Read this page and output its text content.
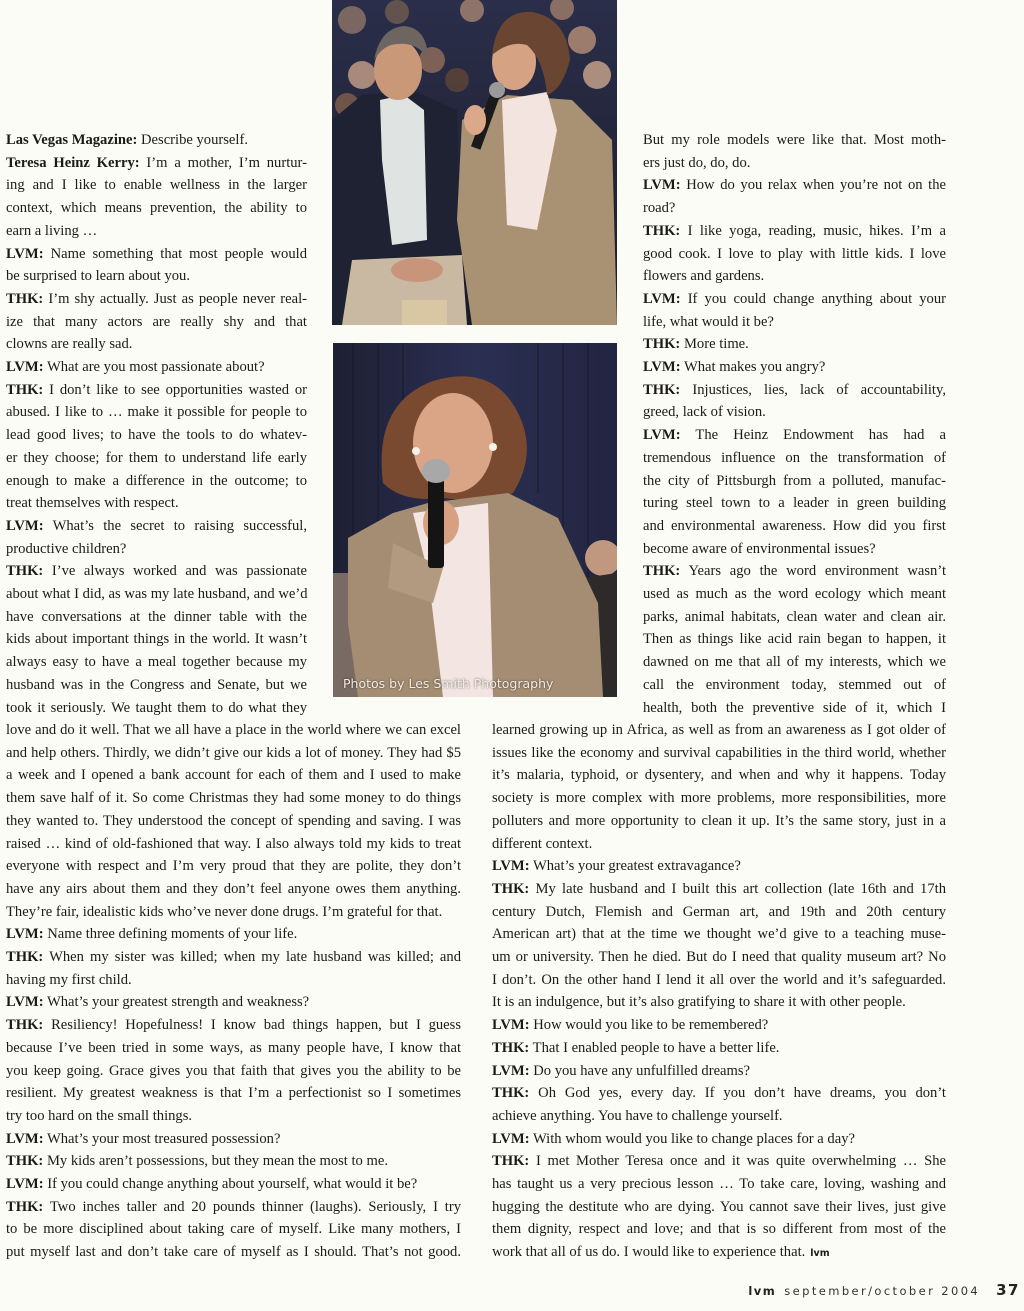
Las Vegas Magazine: Describe yourself.
Teresa Heinz Kerry: I’m a mother, I’m nurtur-
ing and I like to enable wellness in the larger
context, which means prevention, the ability to
earn a living …
LVM: Name something that most people would
be surprised to learn about you.
THK: I’m shy actually. Just as people never real-
ize that many actors are really shy and that
clowns are really sad.
LVM: What are you most passionate about?
THK: I don’t like to see opportunities wasted or
abused. I like to … make it possible for people to
lead good lives; to have the tools to do whatev-
er they choose; for them to understand life early
enough to make a difference in the outcome; to
treat themselves with respect.
LVM: What’s the secret to raising successful,
productive children?
THK: I’ve always worked and was passionate
about what I did, as was my late husband, and we’d
have conversations at the dinner table with the
kids about important things in the world. It wasn’t
always easy to have a meal together because my
husband was in the Congress and Senate, but we
took it seriously. We taught them to do what they
love and do it well. That we all have a place in the world where we can excel
and help others. Thirdly, we didn’t give our kids a lot of money. They had $5
a week and I opened a bank account for each of them and I used to make
them save half of it. So come Christmas they had some money to do things
they wanted to. They understood the concept of spending and saving. I was
raised … kind of old-fashioned that way. I also always told my kids to treat
everyone with respect and I’m very proud that they are polite, they don’t
have any airs about them and they don’t feel anyone owes them anything.
They’re fair, idealistic kids who’ve never done drugs. I’m grateful for that.
LVM: Name three defining moments of your life.
THK: When my sister was killed; when my late husband was killed; and
having my first child.
LVM: What’s your greatest strength and weakness?
THK: Resiliency! Hopefulness! I know bad things happen, but I guess
because I’ve been tried in some ways, as many people have, I know that
you keep going. Grace gives you that faith that gives you the ability to be
resilient. My greatest weakness is that I’m a perfectionist so I sometimes
try too hard on the small things.
LVM: What’s your most treasured possession?
THK: My kids aren’t possessions, but they mean the most to me.
LVM: If you could change anything about yourself, what would it be?
THK: Two inches taller and 20 pounds thinner (laughs). Seriously, I try
to be more disciplined about taking care of myself. Like many mothers, I
put myself last and don’t take care of myself as I should. That’s not good.
But my role models were like that. Most moth-
ers just do, do, do.
LVM: How do you relax when you’re not on the
road?
THK: I like yoga, reading, music, hikes. I’m a
good cook. I love to play with little kids. I love
flowers and gardens.
LVM: If you could change anything about your
life, what would it be?
THK: More time.
LVM: What makes you angry?
THK: Injustices, lies, lack of accountability,
greed, lack of vision.
LVM: The Heinz Endowment has had a
tremendous influence on the transformation of
the city of Pittsburgh from a polluted, manufac-
turing steel town to a leader in green building
and environmental awareness. How did you first
become aware of environmental issues?
THK: Years ago the word environment wasn’t
used as much as the word ecology which meant
parks, animal habitats, clean water and clean air.
Then as things like acid rain began to happen, it
dawned on me that all of my interests, which we
call the environment today, stemmed out of
health, both the preventive side of it, which I
learned growing up in Africa, as well as from an awareness as I got older of
issues like the economy and survival capabilities in the third world, whether
it’s malaria, typhoid, or dysentery, and when and why it happens. Today
society is more complex with more problems, more responsibilities, more
polluters and more opportunity to clean it up. It’s the same story, just in a
different context.
LVM: What’s your greatest extravagance?
THK: My late husband and I built this art collection (late 16th and 17th
century Dutch, Flemish and German art, and 19th and 20th century
American art) that at the time we thought we’d give to a teaching muse-
um or university. Then he died. But do I need that quality museum art? No
I don’t. On the other hand I lend it all over the world and it’s safeguarded.
It is an indulgence, but it’s also gratifying to share it with other people.
LVM: How would you like to be remembered?
THK: That I enabled people to have a better life.
LVM: Do you have any unfulfilled dreams?
THK: Oh God yes, every day. If you don’t have dreams, you don’t
achieve anything. You have to challenge yourself.
LVM: With whom would you like to change places for a day?
THK: I met Mother Teresa once and it was quite overwhelming … She
has taught us a very precious lesson … To take care, loving, washing and
hugging the destitute who are dying. You cannot save their lives, just give
them dignity, respect and love; and that is so different from most of the
work that all of us do. I would like to experience that. lvm
Photos by Les Smith Photography
lvm september/october 2004 37
